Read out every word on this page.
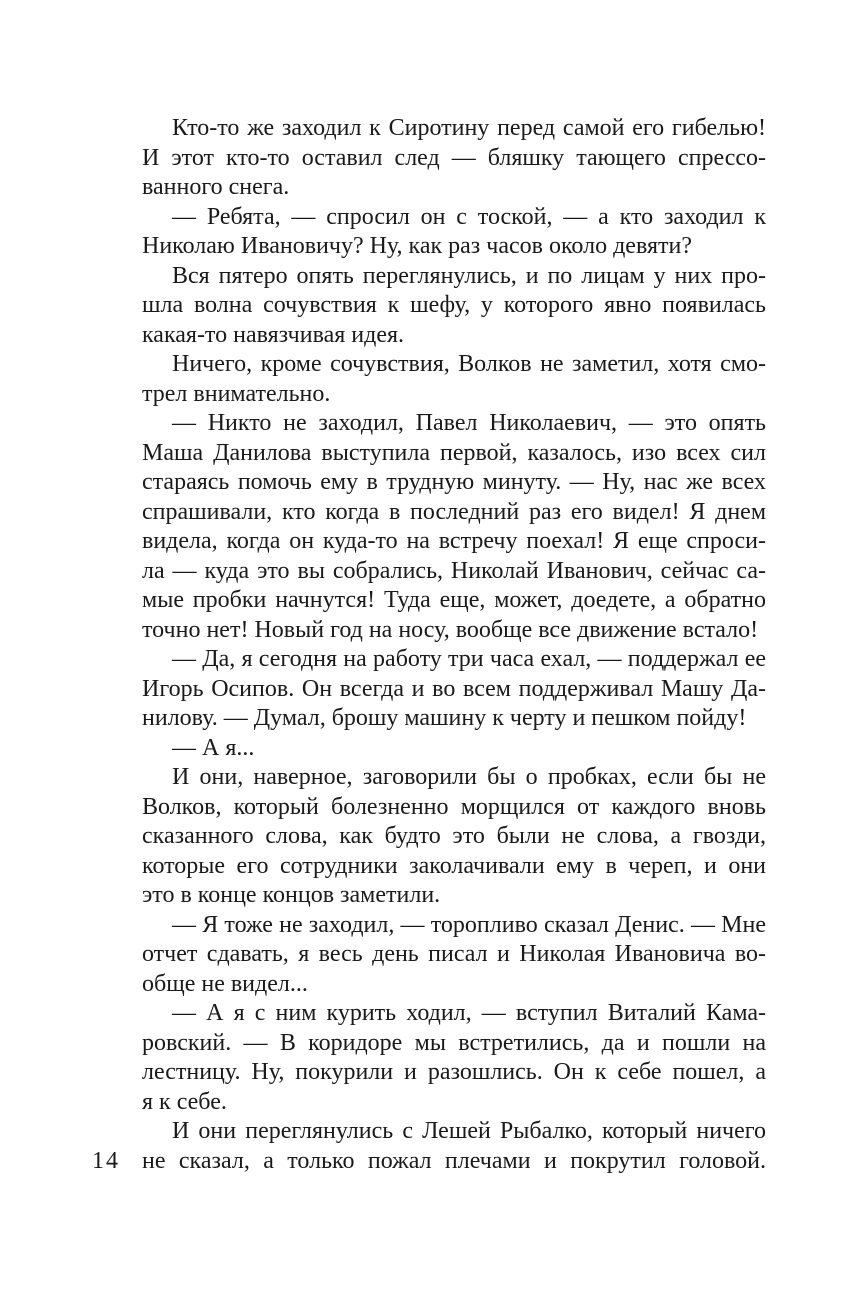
Кто-то же заходил к Сиротину перед самой его гибелью!
И этот кто-то оставил след — бляшку тающего спрессо-
ванного снега.
— Ребята, — спросил он с тоской, — а кто заходил к
Николаю Ивановичу? Ну, как раз часов около девяти?
Вся пятеро опять переглянулись, и по лицам у них про-
шла волна сочувствия к шефу, у которого явно появилась
какая-то навязчивая идея.
Ничего, кроме сочувствия, Волков не заметил, хотя смо-
трел внимательно.
— Никто не заходил, Павел Николаевич, — это опять
Маша Данилова выступила первой, казалось, изо всех сил
стараясь помочь ему в трудную минуту. — Ну, нас же всех
спрашивали, кто когда в последний раз его видел! Я днем
видела, когда он куда-то на встречу поехал! Я еще спроси-
ла — куда это вы собрались, Николай Иванович, сейчас са-
мые пробки начнутся! Туда еще, может, доедете, а обратно
точно нет! Новый год на носу, вообще все движение встало!
— Да, я сегодня на работу три часа ехал, — поддержал ее
Игорь Осипов. Он всегда и во всем поддерживал Машу Да-
нилову. — Думал, брошу машину к черту и пешком пойду!
— А я...
И они, наверное, заговорили бы о пробках, если бы не
Волков, который болезненно морщился от каждого вновь
сказанного слова, как будто это были не слова, а гвозди,
которые его сотрудники заколачивали ему в череп, и они
это в конце концов заметили.
— Я тоже не заходил, — торопливо сказал Денис. — Мне
отчет сдавать, я весь день писал и Николая Ивановича во-
обще не видел...
— А я с ним курить ходил, — вступил Виталий Кама-
ровский. — В коридоре мы встретились, да и пошли на
лестницу. Ну, покурили и разошлись. Он к себе пошел, а
я к себе.
И они переглянулись с Лешей Рыбалко, который ничего
не сказал, а только пожал плечами и покрутил головой.
14
